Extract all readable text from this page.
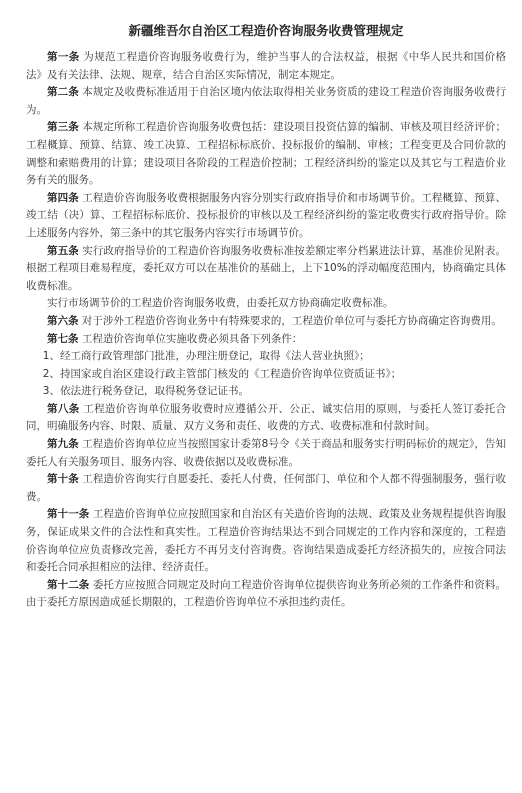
新疆维吾尔自治区工程造价咨询服务收费管理规定

第一条 为规范工程造价咨询服务收费行为，维护当事人的合法权益，根据《中华人民共和国价格法》及有关法律、法规、规章，结合自治区实际情况，制定本规定。

第二条 本规定及收费标准适用于自治区境内依法取得相关业务资质的建设工程造价咨询服务收费行为。

第三条 本规定所称工程造价咨询服务收费包括：建设项目投资估算的编制、审核及项目经济评价；工程概算、预算、结算、竣工决算、工程招标标底价、投标报价的编制、审核；工程变更及合同价款的调整和索赔费用的计算；建设项目各阶段的工程造价控制；工程经济纠纷的鉴定以及其它与工程造价业务有关的服务。

第四条 工程造价咨询服务收费根据服务内容分别实行政府指导价和市场调节价。工程概算、预算、竣工结（决）算、工程招标标底价、投标报价的审核以及工程经济纠纷的鉴定收费实行政府指导价。除上述服务内容外，第三条中的其它服务内容实行市场调节价。

第五条 实行政府指导价的工程造价咨询服务收费标准按差额定率分档累进法计算，基准价见附表。根据工程项目难易程度，委托双方可以在基准价的基础上，上下10%的浮动幅度范围内，协商确定具体收费标准。

实行市场调节价的工程造价咨询服务收费，由委托双方协商确定收费标准。

第六条 对于涉外工程造价咨询业务中有特殊要求的，工程造价单位可与委托方协商确定咨询费用。

第七条 工程造价咨询单位实施收费必须具备下列条件：

1、经工商行政管理部门批准，办理注册登记，取得《法人营业执照》；

2、持国家或自治区建设行政主管部门核发的《工程造价咨询单位资质证书》；

3、依法进行税务登记，取得税务登记证书。

第八条 工程造价咨询单位服务收费时应遵循公开、公正、诚实信用的原则，与委托人签订委托合同，明确服务内容、时限、质量、双方义务和责任、收费的方式、收费标准和付款时间。

第九条 工程造价咨询单位应当按照国家计委第8号令《关于商品和服务实行明码标价的规定》，告知委托人有关服务项目、服务内容、收费依据以及收费标准。

第十条 工程造价咨询实行自愿委托、委托人付费，任何部门、单位和个人都不得强制服务，强行收费。

第十一条 工程造价咨询单位应按照国家和自治区有关造价咨询的法规、政策及业务规程提供咨询服务，保证成果文件的合法性和真实性。工程造价咨询结果达不到合同规定的工作内容和深度的，工程造价咨询单位应负责修改完善，委托方不再另支付咨询费。咨询结果造成委托方经济损失的，应按合同法和委托合同承担相应的法律、经济责任。

第十二条 委托方应按照合同规定及时向工程造价咨询单位提供咨询业务所必须的工作条件和资料。由于委托方原因造成延长期限的，工程造价咨询单位不承担违约责任。
